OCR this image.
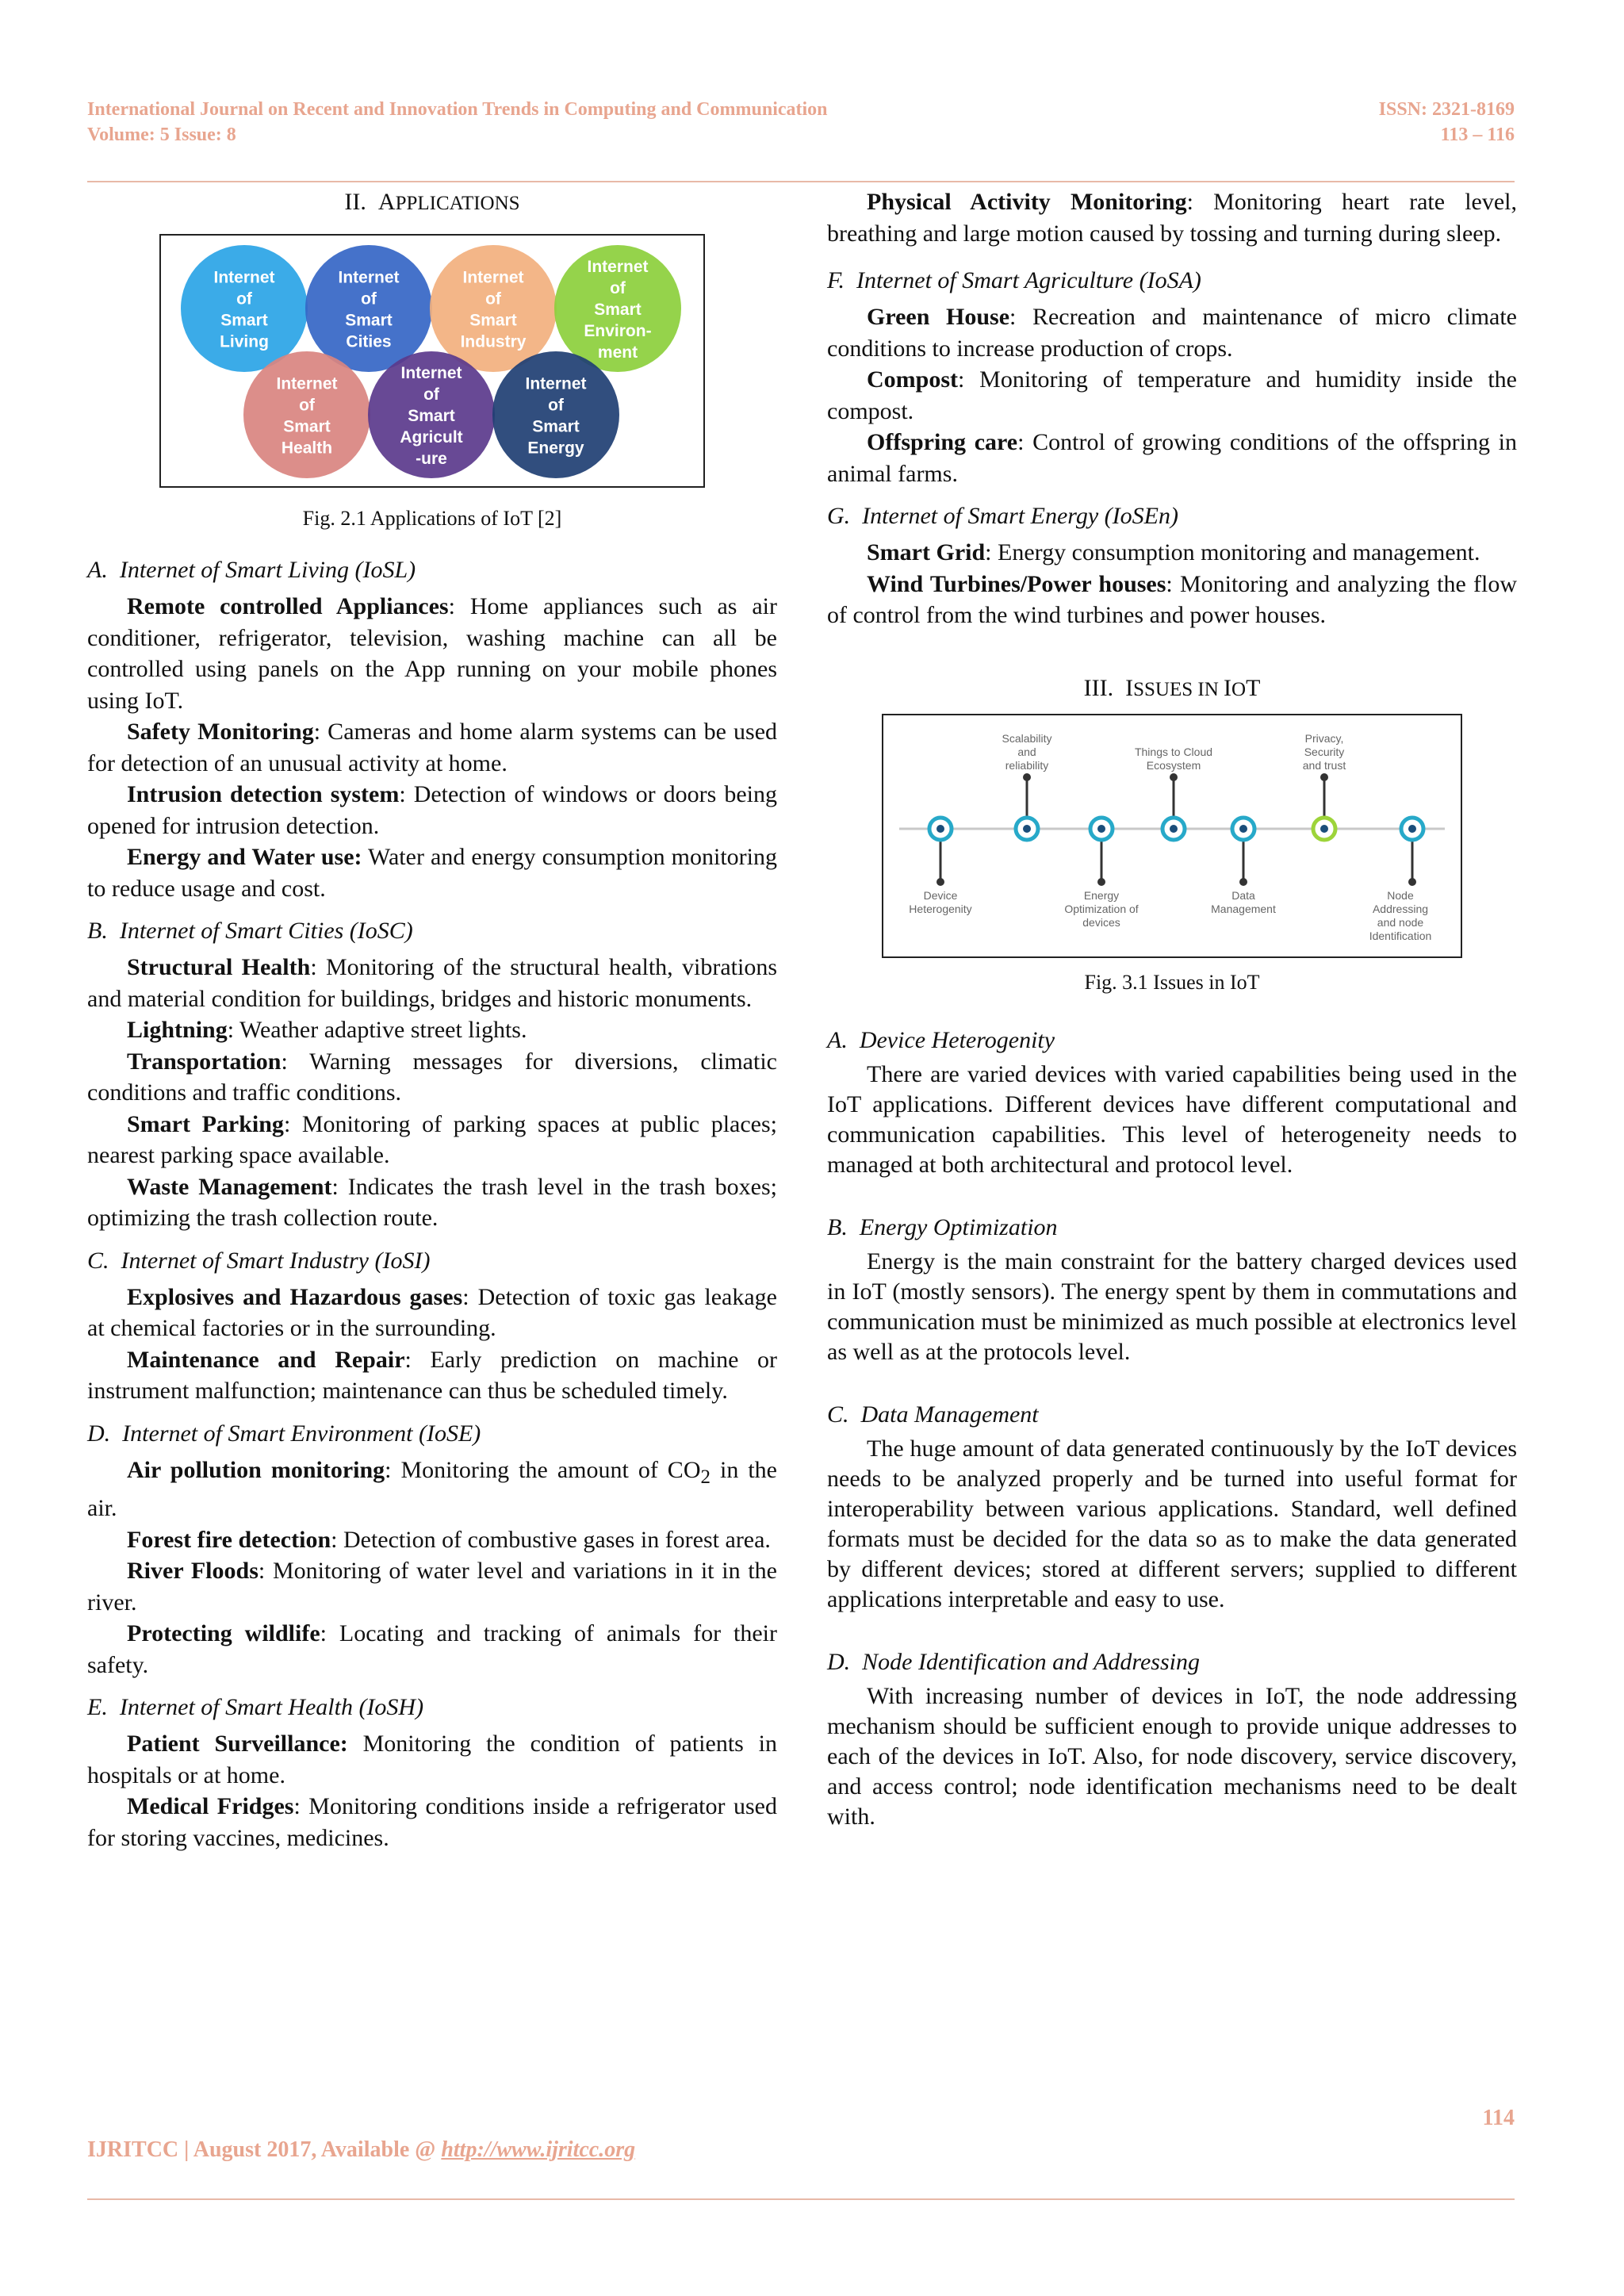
International Journal on Recent and Innovation Trends in Computing and Communication
Volume: 5 Issue: 8
ISSN: 2321-8169
113 – 116

II. APPLICATIONS

Internet
of
Smart
Living
Internet
of
Smart
Cities
Internet
of
Smart
Industry
Internet
of
Smart
Environ-
ment
Internet
of
Smart
Health
Internet
of
Smart
Agricult
-ure
Internet
of
Smart
Energy

Fig. 2.1 Applications of IoT [2]

A. Internet of Smart Living (IoSL)

Remote controlled Appliances: Home appliances such as air conditioner, refrigerator, television, washing machine can all be controlled using panels on the App running on your mobile phones using IoT.

Safety Monitoring: Cameras and home alarm systems can be used for detection of an unusual activity at home.

Intrusion detection system: Detection of windows or doors being opened for intrusion detection.

Energy and Water use: Water and energy consumption monitoring to reduce usage and cost.

B. Internet of Smart Cities (IoSC)

Structural Health: Monitoring of the structural health, vibrations and material condition for buildings, bridges and historic monuments.

Lightning: Weather adaptive street lights.

Transportation: Warning messages for diversions, climatic conditions and traffic conditions.

Smart Parking: Monitoring of parking spaces at public places; nearest parking space available.

Waste Management: Indicates the trash level in the trash boxes; optimizing the trash collection route.

C. Internet of Smart Industry (IoSI)

Explosives and Hazardous gases: Detection of toxic gas leakage at chemical factories or in the surrounding.

Maintenance and Repair: Early prediction on machine or instrument malfunction; maintenance can thus be scheduled timely.

D. Internet of Smart Environment (IoSE)

Air pollution monitoring: Monitoring the amount of $CO_2$ in the air.

Forest fire detection: Detection of combustive gases in forest area.

River Floods: Monitoring of water level and variations in it in the river.

Protecting wildlife: Locating and tracking of animals for their safety.

E. Internet of Smart Health (IoSH)

Patient Surveillance: Monitoring the condition of patients in hospitals or at home.

Medical Fridges: Monitoring conditions inside a refrigerator used for storing vaccines, medicines.

Physical Activity Monitoring: Monitoring heart rate level, breathing and large motion caused by tossing and turning during sleep.

F. Internet of Smart Agriculture (IoSA)

Green House: Recreation and maintenance of micro climate conditions to increase production of crops.

Compost: Monitoring of temperature and humidity inside the compost.

Offspring care: Control of growing conditions of the offspring in animal farms.

G. Internet of Smart Energy (IoSEn)

Smart Grid: Energy consumption monitoring and management.

Wind Turbines/Power houses: Monitoring and analyzing the flow of control from the wind turbines and power houses.

III. ISSUES IN IOT

Scalability
and
reliability
Things to Cloud
Ecosystem
Privacy,
Security
and trust
Device
Heterogenity
Energy
Optimization of
devices
Data
Management
Node
Addressing
and node
Identification

Fig. 3.1 Issues in IoT

A. Device Heterogenity

There are varied devices with varied capabilities being used in the IoT applications. Different devices have different computational and communication capabilities. This level of heterogeneity needs to managed at both architectural and protocol level.

B. Energy Optimization

Energy is the main constraint for the battery charged devices used in IoT (mostly sensors). The energy spent by them in commutations and communication must be minimized as much possible at electronics level as well as at the protocols level.

C. Data Management

The huge amount of data generated continuously by the IoT devices needs to be analyzed properly and be turned into useful format for interoperability between various applications. Standard, well defined formats must be decided for the data so as to make the data generated by different devices; stored at different servers; supplied to different applications interpretable and easy to use.

D. Node Identification and Addressing

With increasing number of devices in IoT, the node addressing mechanism should be sufficient enough to provide unique addresses to each of the devices in IoT. Also, for node discovery, service discovery, and access control; node identification mechanisms need to be dealt with.

114
IJRITCC | August 2017, Available @ http://www.ijritcc.org
